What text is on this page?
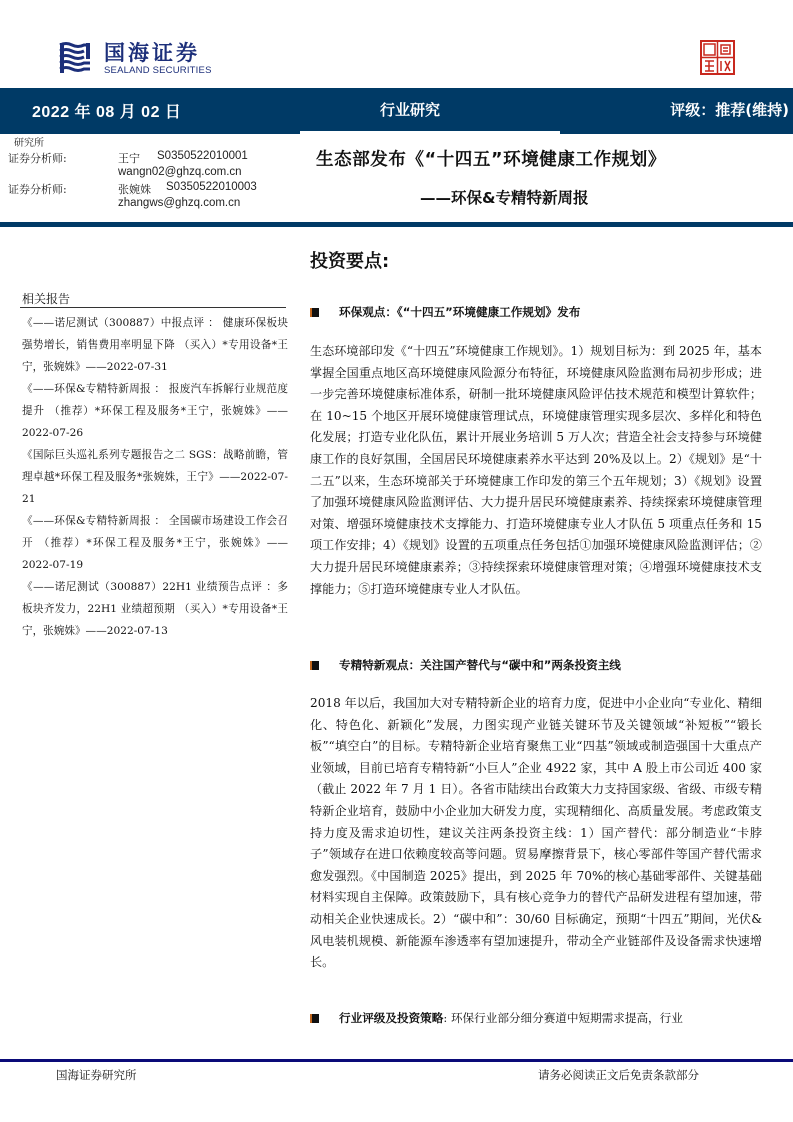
国海证券
SEALAND SECURITIES
2022 年 08 月 02 日	行业研究	评级：推荐(维持)
研究所
证券分析师:	王宁 S0350522010001
wangn02@ghzq.com.cn
证券分析师:	张婉姝 S0350522010003
zhangws@ghzq.com.cn
生态部发布《“十四五”环境健康工作规划》
——环保&专精特新周报
相关报告
《——诺尼测试（300887）中报点评 ： 健康环保板块强势增长，销售费用率明显下降 （买入）*专用设备*王宁，张婉姝》——2022-07-31
《——环保&专精特新周报 ： 报废汽车拆解行业规范度提升 （推荐）*环保工程及服务*王宁，张婉姝》——2022-07-26
《国际巨头巡礼系列专题报告之二 SGS：战略前瞻，管理卓越*环保工程及服务*张婉姝，王宁》——2022-07-21
《——环保&专精特新周报 ： 全国碳市场建设工作会召开 （推荐）*环保工程及服务*王宁，张婉姝》——2022-07-19
《——诺尼测试（300887）22H1 业绩预告点评 ：多板块齐发力，22H1 业绩超预期 （买入）*专用设备*王宁，张婉姝》——2022-07-13
投资要点:
环保观点：《“十四五”环境健康工作规划》发布
生态环境部印发《“十四五”环境健康工作规划》。1）规划目标为：到 2025 年，基本掌握全国重点地区高环境健康风险源分布特征，环境健康风险监测布局初步形成；进一步完善环境健康标准体系，研制一批环境健康风险评估技术规范和模型计算软件； 在 10~15 个地区开展环境健康管理试点，环境健康管理实现多层次、多样化和特色化发展；打造专业化队伍，累计开展业务培训 5 万人次；营造全社会支持参与环境健康工作的良好氛围，全国居民环境健康素养水平达到 20%及以上。2）《规划》是“十二五”以来，生态环境部关于环境健康工作印发的第三个五年规划；3）《规划》设置了加强环境健康风险监测评估、大力提升居民环境健康素养、持续探索环境健康管理对策、增强环境健康技术支撑能力、打造环境健康专业人才队伍 5 项重点任务和 15 项工作安排；4）《规划》设置的五项重点任务包括①加强环境健康风险监测评估；②大力提升居民环境健康素养；③持续探索环境健康管理对策；④增强环境健康技术支撑能力；⑤打造环境健康专业人才队伍。
专精特新观点：关注国产替代与“碳中和”两条投资主线
2018 年以后，我国加大对专精特新企业的培育力度，促进中小企业向“专业化、精细化、特色化、新颖化”发展，力图实现产业链关键环节及关键领域“补短板”“锻长板”“填空白”的目标。专精特新企业培育聚焦工业“四基”领域或制造强国十大重点产业领域，目前已培育专精特新“小巨人”企业 4922 家，其中 A 股上市公司近 400 家（截止 2022 年 7 月 1 日）。各省市陆续出台政策大力支持国家级、省级、市级专精特新企业培育，鼓励中小企业加大研发力度，实现精细化、高质量发展。考虑政策支持力度及需求迫切性，建议关注两条投资主线：1）国产替代：部分制造业“卡脖子”领域存在进口依赖度较高等问题。贸易摩擦背景下，核心零部件等国产替代需求愈发强烈。《中国制造 2025》提出，到 2025 年 70%的核心基础零部件、关键基础材料实现自主保障。政策鼓励下，具有核心竞争力的替代产品研发进程有望加速，带动相关企业快速成长。2）“碳中和”：30/60 目标确定，预期“十四五”期间，光伏&风电装机规模、新能源车渗透率有望加速提升，带动全产业链部件及设备需求快速增长。
行业评级及投资策略 : 环保行业部分细分赛道中短期需求提高，行业
国海证券研究所	请务必阅读正文后免责条款部分
